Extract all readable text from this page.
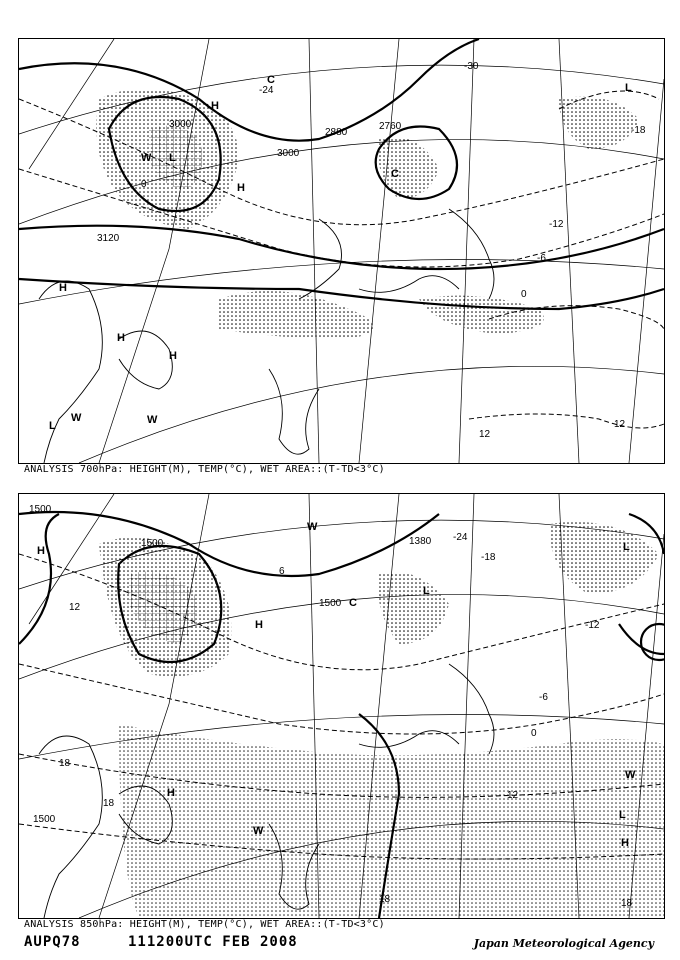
3000
3120
2880
3000
2760
-30
-24
-18
-12
-6
0
0
12
12
H
H
H
H
H
L
L
L
W
W	W
C
C
ANALYSIS 700hPa: HEIGHT(M), TEMP(°C), WET AREA::(T-TD<3°C)
1500
1500	1380
1500
1500
-24
-18
-12
-6
0
12
12
18
18
18	18
6
H
H
H
H
L
L
L
W
W
W
C
ANALYSIS 850hPa: HEIGHT(M), TEMP(°C), WET AREA::(T-TD<3°C)
AUPQ78	111200UTC FEB 2008	Japan Meteorological Agency
